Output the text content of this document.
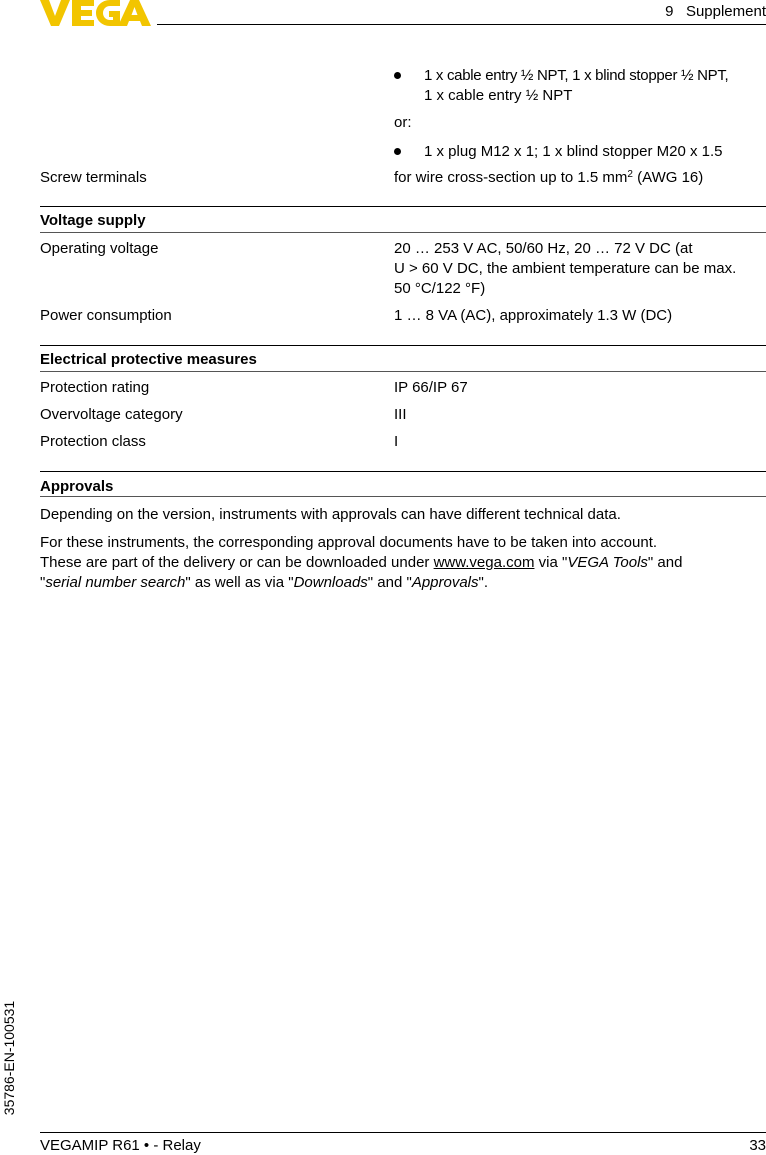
9   Supplement
1 x cable entry ½ NPT, 1 x blind stopper ½ NPT,
1 x cable entry ½ NPT
or:
1 x plug M12 x 1; 1 x blind stopper M20 x 1.5
Screw terminals	for wire cross-section up to 1.5 $mm^2$ (AWG 16)
Voltage supply
Operating voltage	20 … 253 V AC, 50/60 Hz, 20 … 72 V DC (at
U > 60 V DC, the ambient temperature can be max.
50 °C/122 °F)
Power consumption	1 … 8 VA (AC), approximately 1.3 W (DC)
Electrical protective measures
Protection rating	IP 66/IP 67
Overvoltage category	III
Protection class	I
Approvals
Depending on the version, instruments with approvals can have different technical data.
For these instruments, the corresponding approval documents have to be taken into account.
These are part of the delivery or can be downloaded under www.vega.com via "VEGA Tools" and
"serial number search" as well as via "Downloads" and "Approvals".
35786-EN-100531
VEGAMIP R61 • - Relay	33
